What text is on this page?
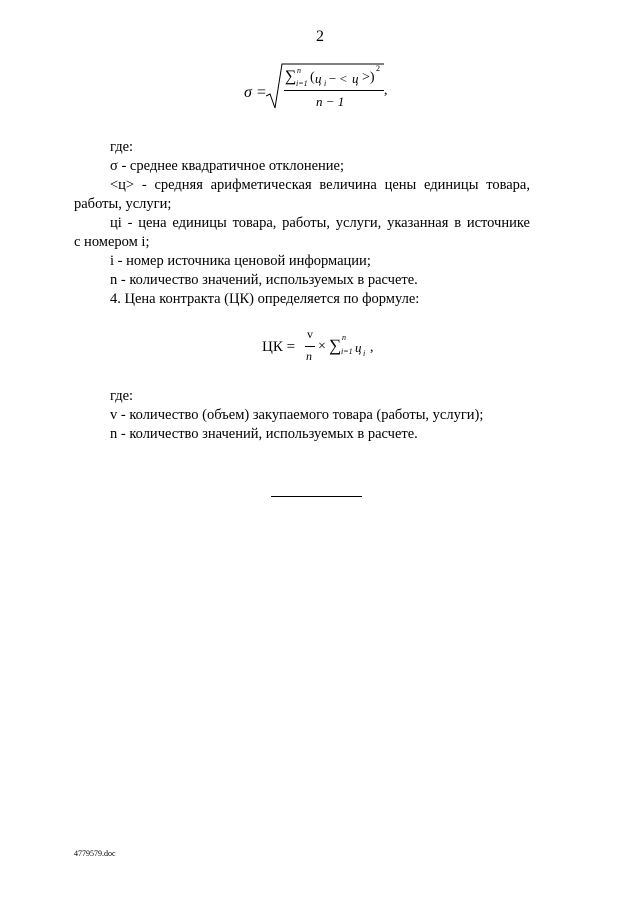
2
σ =
∑ n
i=1 ( ц i − < ц >)
2
n − 1
,
где:
σ - среднее квадратичное отклонение;
<ц> - средняя арифметическая величина цены единицы товара,
работы, услуги;
цi - цена единицы товара, работы, услуги, указанная в источнике
с номером i;
i - номер источника ценовой информации;
n - количество значений, используемых в расчете.
4. Цена контракта (ЦК) определяется по формуле:
ЦК =
v
n
× ∑ n
i=1 ц i ,
где:
v - количество (объем) закупаемого товара (работы, услуги);
n - количество значений, используемых в расчете.
4779579.doc
